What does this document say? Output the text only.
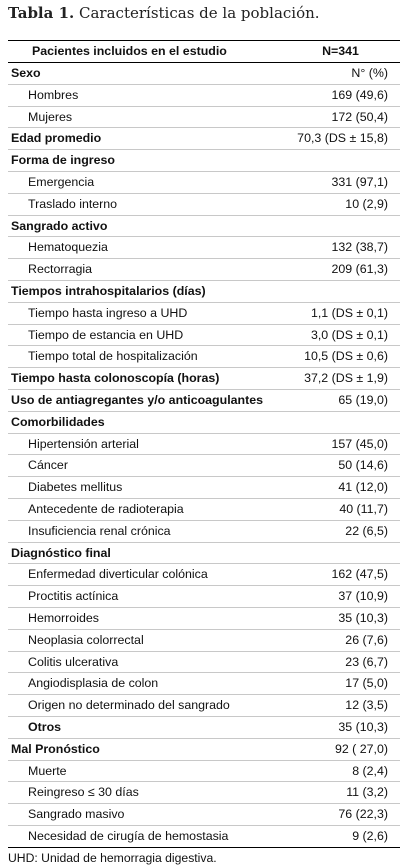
Tabla 1. Características de la población.
Pacientes incluidos en el estudio	N=341
Sexo	N° (%)
Hombres	169 (49,6)
Mujeres	172 (50,4)
Edad promedio	70,3 (DS ± 15,8)
Forma de ingreso
Emergencia	331 (97,1)
Traslado interno	10 (2,9)
Sangrado activo
Hematoquezia	132 (38,7)
Rectorragia	209 (61,3)
Tiempos intrahospitalarios (días)
Tiempo hasta ingreso a UHD	1,1 (DS ± 0,1)
Tiempo de estancia en UHD	3,0 (DS ± 0,1)
Tiempo total de hospitalización	10,5 (DS ± 0,6)
Tiempo hasta colonoscopía (horas)	37,2 (DS ± 1,9)
Uso de antiagregantes y/o anticoagulantes	65 (19,0)
Comorbilidades
Hipertensión arterial	157 (45,0)
Cáncer	50 (14,6)
Diabetes mellitus	41 (12,0)
Antecedente de radioterapia	40 (11,7)
Insuficiencia renal crónica	22 (6,5)
Diagnóstico final
Enfermedad diverticular colónica	162 (47,5)
Proctitis actínica	37 (10,9)
Hemorroides	35 (10,3)
Neoplasia colorrectal	26 (7,6)
Colitis ulcerativa	23 (6,7)
Angiodisplasia de colon	17 (5,0)
Origen no determinado del sangrado	12 (3,5)
Otros	35 (10,3)
Mal Pronóstico	92 ( 27,0)
Muerte	8 (2,4)
Reingreso ≤ 30 días	11 (3,2)
Sangrado masivo	76 (22,3)
Necesidad de cirugía de hemostasia	9 (2,6)
UHD: Unidad de hemorragia digestiva.
